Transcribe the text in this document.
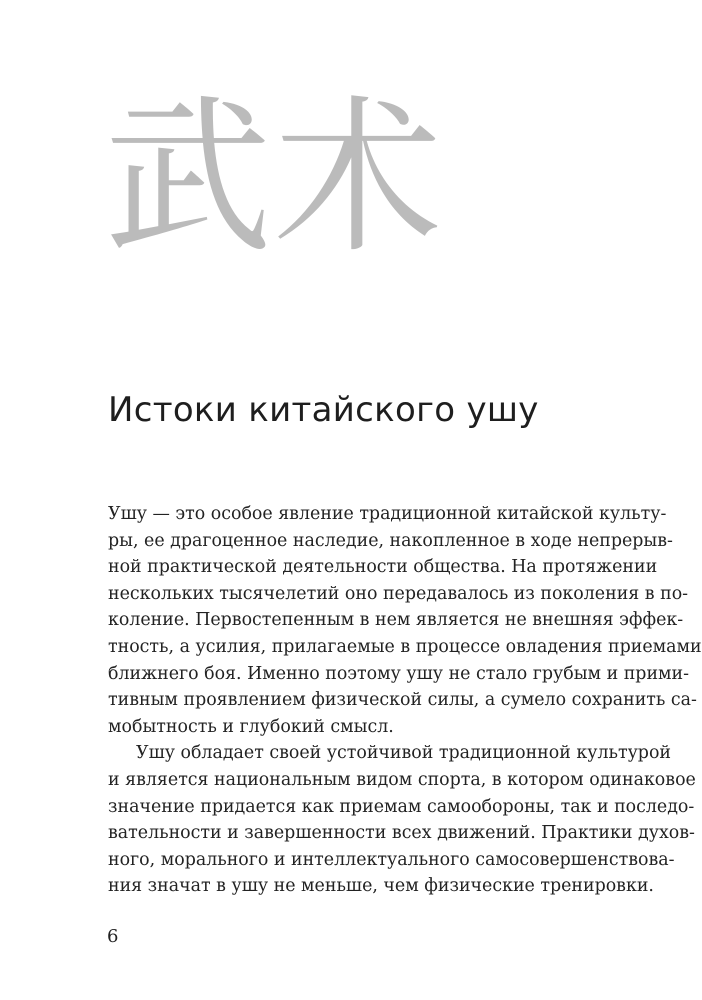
武术
Истоки китайского ушу
Ушу — это особое явление традиционной китайской культу-
ры, ее драгоценное наследие, накопленное в ходе непрерыв-
ной практической деятельности общества. На протяжении
нескольких тысячелетий оно передавалось из поколения в по-
коление. Первостепенным в нем является не внешняя эффек-
тность, а усилия, прилагаемые в процессе овладения приемами
ближнего боя. Именно поэтому ушу не стало грубым и прими-
тивным проявлением физической силы, а сумело сохранить са-
мобытность и глубокий смысл.
Ушу обладает своей устойчивой традиционной культурой
и является национальным видом спорта, в котором одинаковое
значение придается как приемам самообороны, так и последо-
вательности и завершенности всех движений. Практики духов-
ного, морального и интеллектуального самосовершенствова-
ния значат в ушу не меньше, чем физические тренировки.
6
